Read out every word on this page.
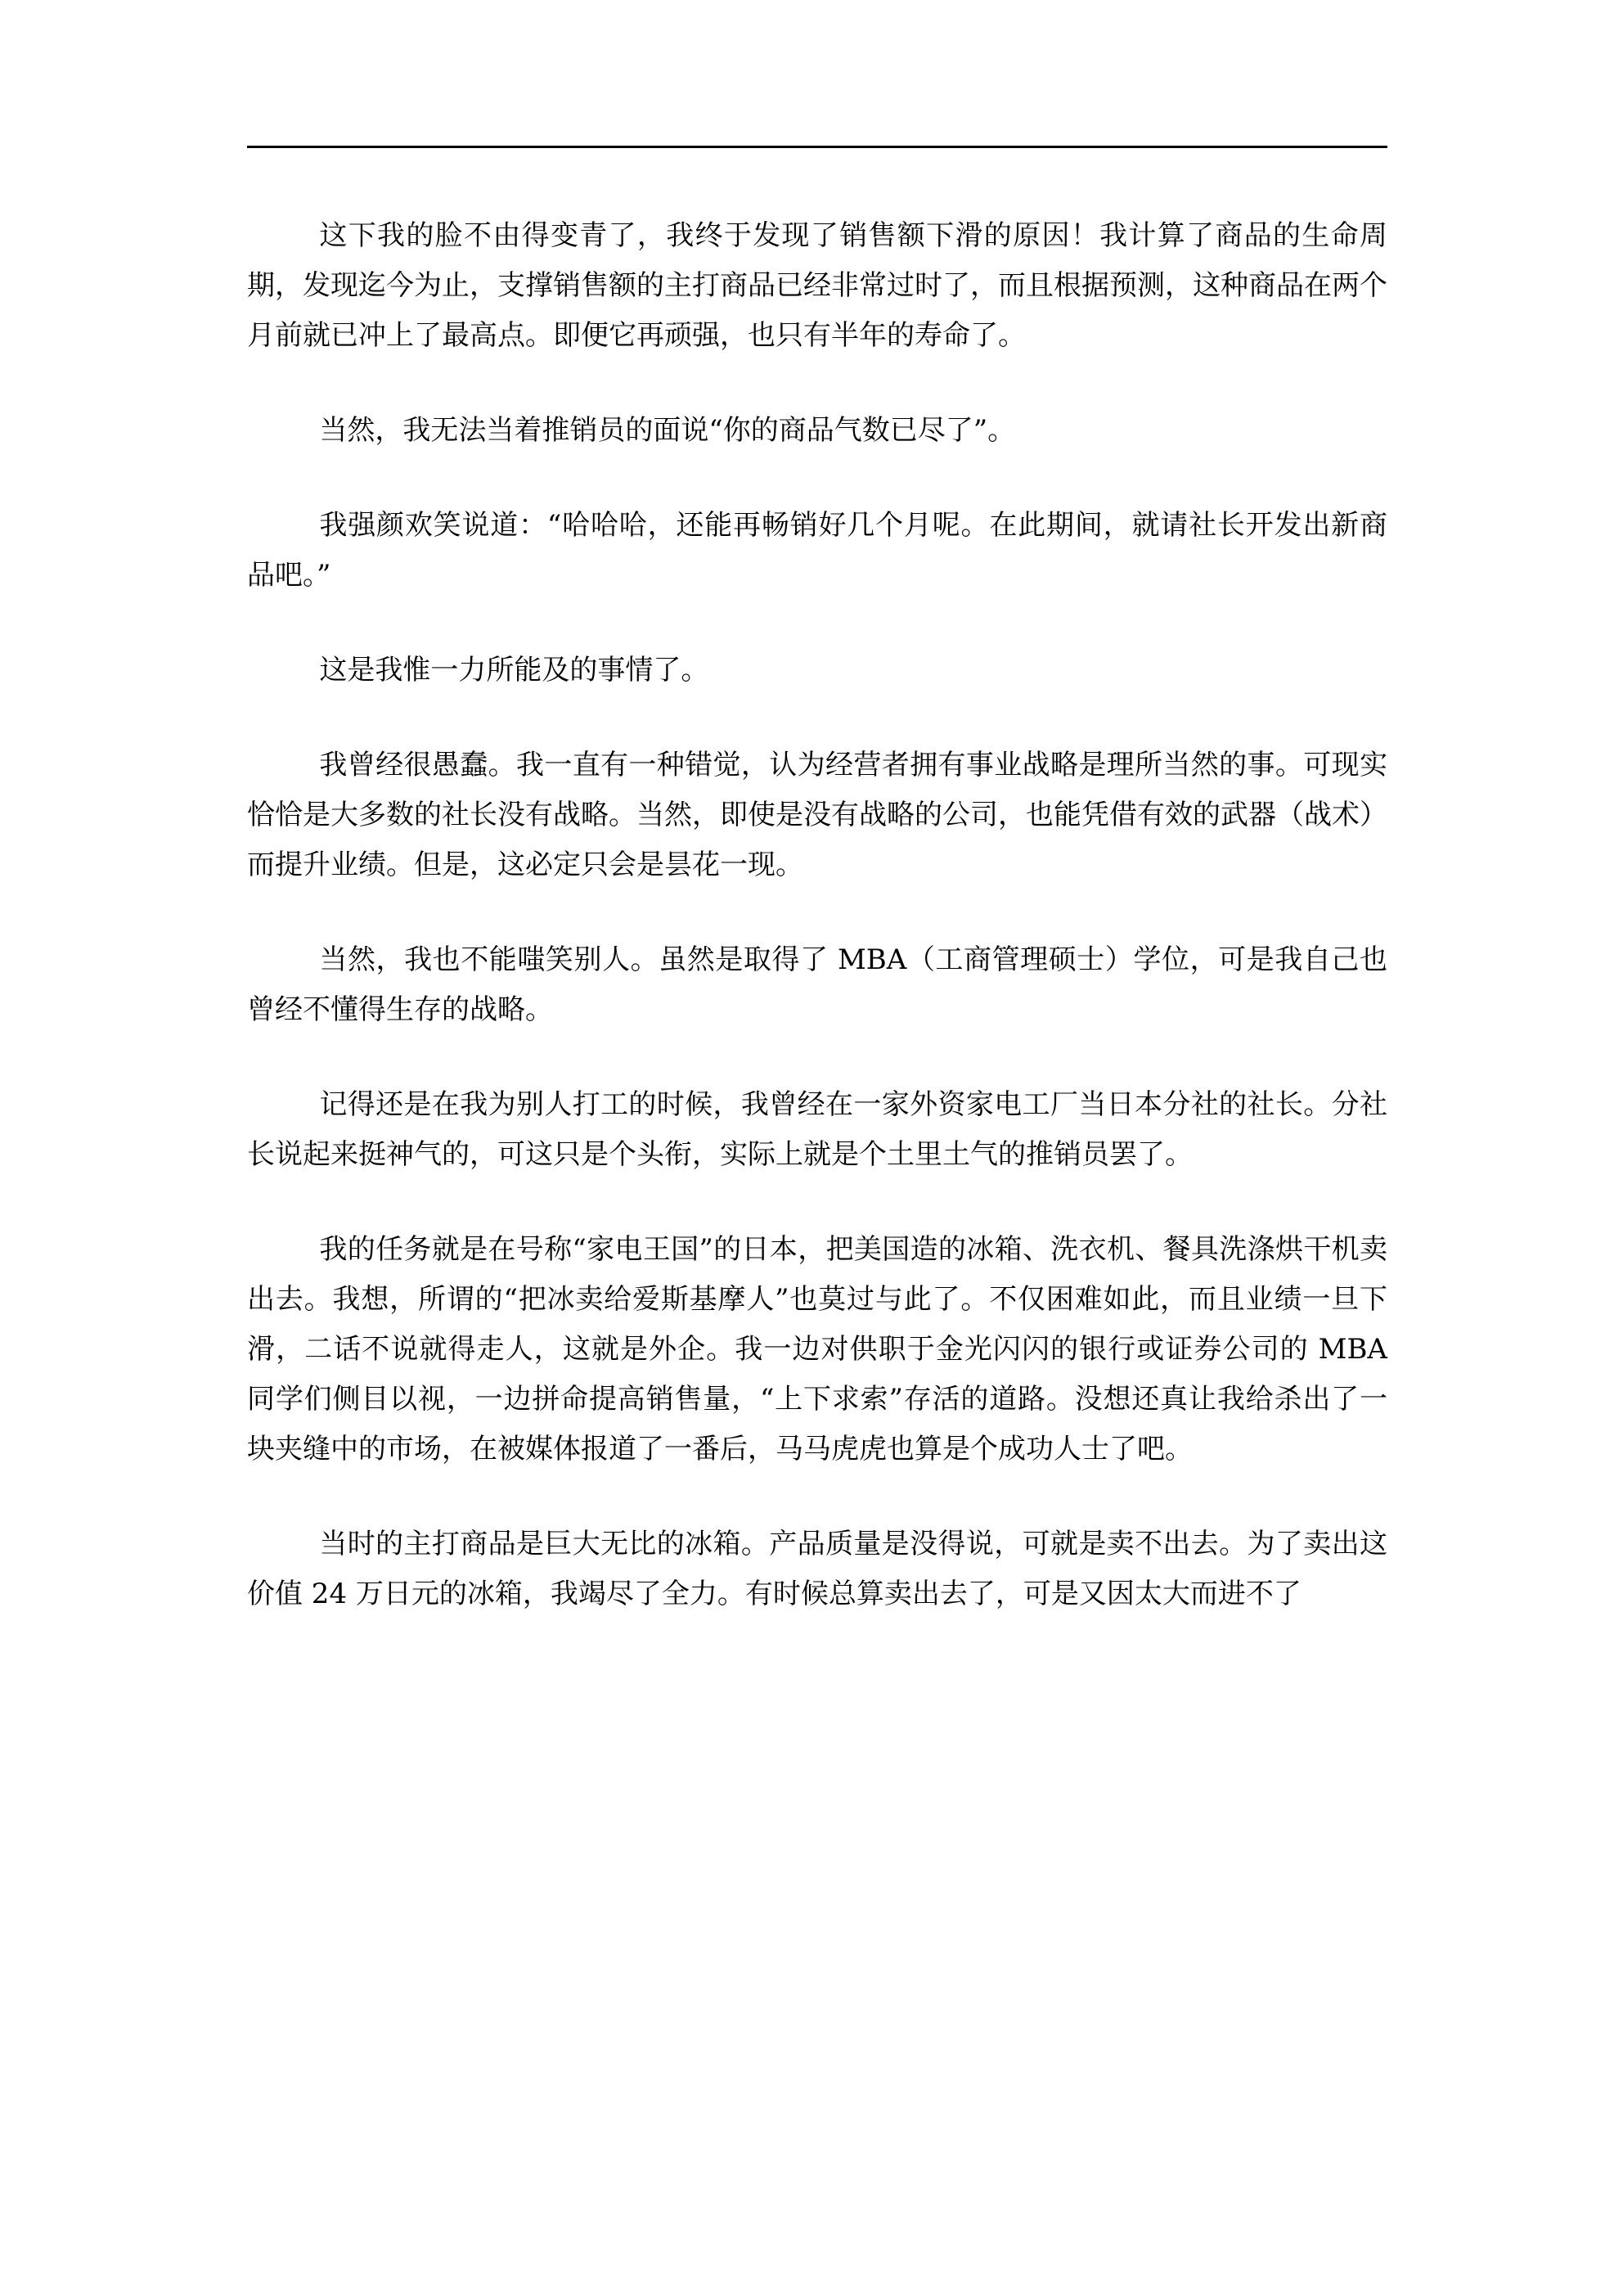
这下我的脸不由得变青了，我终于发现了销售额下滑的原因！我计算了商品的生命周期，发现迄今为止，支撑销售额的主打商品已经非常过时了，而且根据预测，这种商品在两个月前就已冲上了最高点。即便它再顽强，也只有半年的寿命了。

当然，我无法当着推销员的面说“你的商品气数已尽了”。

我强颜欢笑说道：“哈哈哈，还能再畅销好几个月呢。在此期间，就请社长开发出新商品吧。”

这是我惟一力所能及的事情了。

我曾经很愚蠢。我一直有一种错觉，认为经营者拥有事业战略是理所当然的事。可现实恰恰是大多数的社长没有战略。当然，即使是没有战略的公司，也能凭借有效的武器（战术）而提升业绩。但是，这必定只会是昙花一现。

当然，我也不能嗤笑别人。虽然是取得了 MBA（工商管理硕士）学位，可是我自己也曾经不懂得生存的战略。

记得还是在我为别人打工的时候，我曾经在一家外资家电工厂当日本分社的社长。分社长说起来挺神气的，可这只是个头衔，实际上就是个土里土气的推销员罢了。

我的任务就是在号称“家电王国”的日本，把美国造的冰箱、洗衣机、餐具洗涤烘干机卖出去。我想，所谓的“把冰卖给爱斯基摩人”也莫过与此了。不仅困难如此，而且业绩一旦下滑，二话不说就得走人，这就是外企。我一边对供职于金光闪闪的银行或证券公司的 MBA 同学们侧目以视，一边拼命提高销售量，“上下求索”存活的道路。没想还真让我给杀出了一块夹缝中的市场，在被媒体报道了一番后，马马虎虎也算是个成功人士了吧。

当时的主打商品是巨大无比的冰箱。产品质量是没得说，可就是卖不出去。为了卖出这价值 24 万日元的冰箱，我竭尽了全力。有时候总算卖出去了，可是又因太大而进不了
